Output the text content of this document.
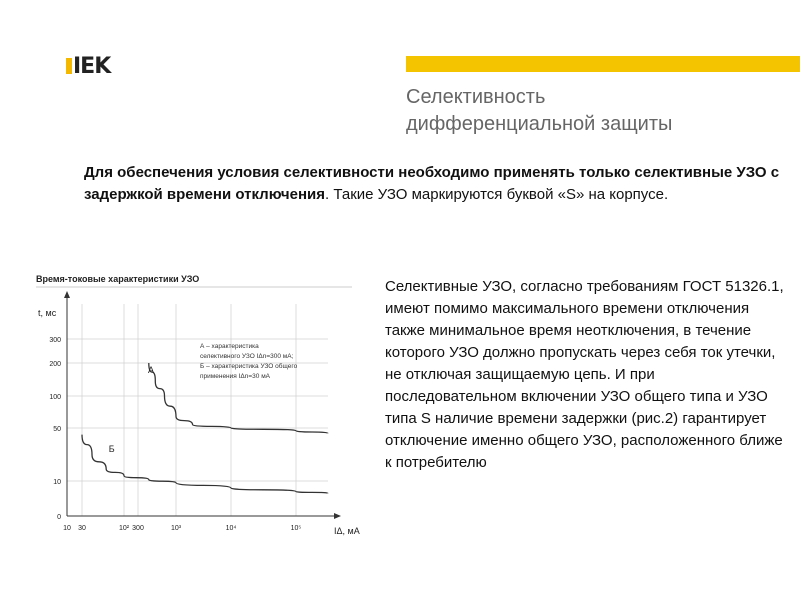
IEK
Селективность
дифференциальной защиты
Для обеспечения условия селективности необходимо применять только селективные УЗО с задержкой времени отключения. Такие УЗО маркируются буквой «S» на корпусе.
Селективные УЗО, согласно требованиям ГОСТ 51326.1, имеют помимо максимального времени отключения также минимальное время неотключения, в течение которого УЗО должно пропускать через себя ток утечки, не отключая защищаемую цепь. И при последовательном включении УЗО общего типа и УЗО типа S наличие времени задержки (рис.2) гарантирует отключение именно общего УЗО, расположенного ближе к потребителю
Время-токовые характеристики УЗО
t, мс
IΔ, мА
300
200
100
50
10
0
10 30	10² 300	10³	10⁴	10⁵
А
Б
А – характеристика
селективного УЗО IΔn=300 мА;
Б – характеристика УЗО общего
применения IΔn=30 мА
